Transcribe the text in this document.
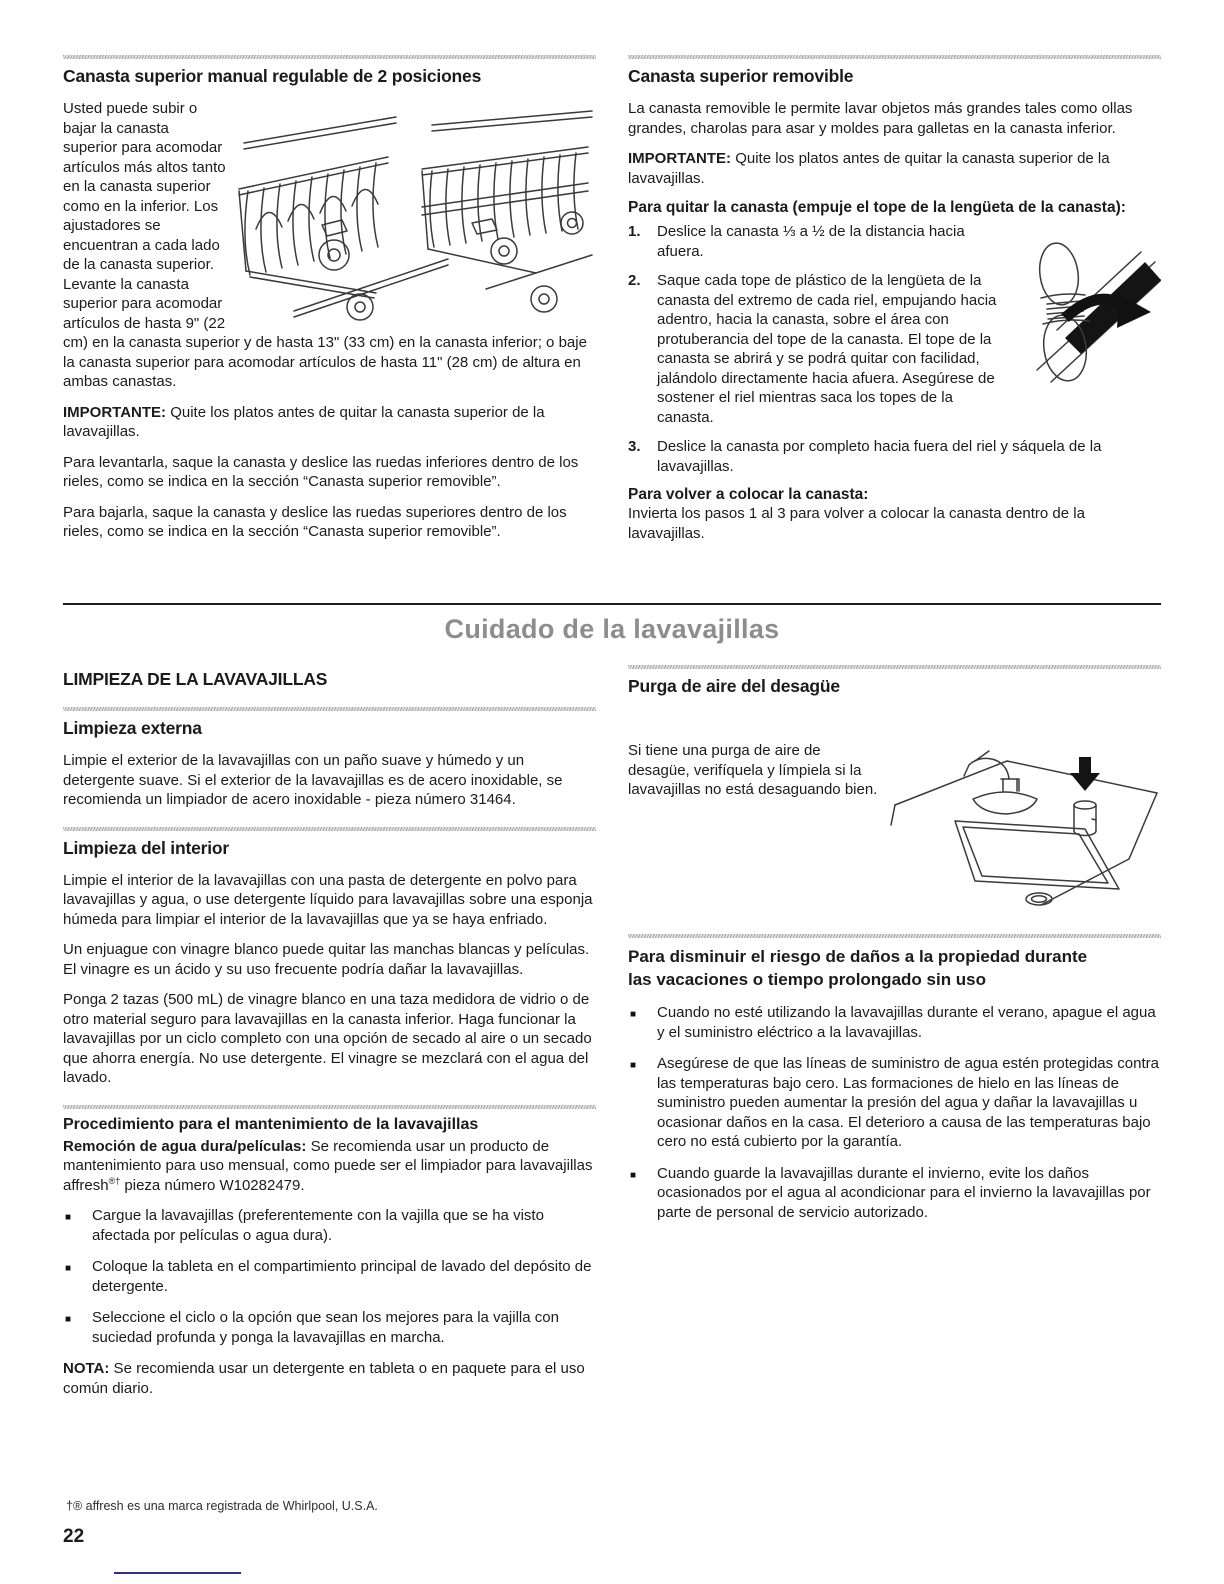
Canasta superior manual regulable de 2 posiciones

Usted puede subir o bajar la canasta superior para acomodar artículos más altos tanto en la canasta superior como en la inferior. Los ajustadores se encuentran a cada lado de la canasta superior. Levante la canasta superior para acomodar artículos de hasta 9" (22 cm) en la canasta superior y de hasta 13" (33 cm) en la canasta inferior; o baje la canasta superior para acomodar artículos de hasta 11" (28 cm) de altura en ambas canastas.

IMPORTANTE: Quite los platos antes de quitar la canasta superior de la lavavajillas.

Para levantarla, saque la canasta y deslice las ruedas inferiores dentro de los rieles, como se indica en la sección “Canasta superior removible”.

Para bajarla, saque la canasta y deslice las ruedas superiores dentro de los rieles, como se indica en la sección “Canasta superior removible”.

Canasta superior removible

La canasta removible le permite lavar objetos más grandes tales como ollas grandes, charolas para asar y moldes para galletas en la canasta inferior.

IMPORTANTE: Quite los platos antes de quitar la canasta superior de la lavavajillas.

Para quitar la canasta (empuje el tope de la lengüeta de la canasta):
1. Deslice la canasta ⅓ a ½ de la distancia hacia afuera.
2. Saque cada tope de plástico de la lengüeta de la canasta del extremo de cada riel, empujando hacia adentro, hacia la canasta, sobre el área con protuberancia del tope de la canasta. El tope de la canasta se abrirá y se podrá quitar con facilidad, jalándolo directamente hacia afuera. Asegúrese de sostener el riel mientras saca los topes de la canasta.
3. Deslice la canasta por completo hacia fuera del riel y sáquela de la lavavajillas.
Para volver a colocar la canasta:

Invierta los pasos 1 al 3 para volver a colocar la canasta dentro de la lavavajillas.

Cuidado de la lavavajillas
LIMPIEZA DE LA LAVAVAJILLAS
Limpieza externa

Limpie el exterior de la lavavajillas con un paño suave y húmedo y un detergente suave. Si el exterior de la lavavajillas es de acero inoxidable, se recomienda un limpiador de acero inoxidable - pieza número 31464.

Limpieza del interior

Limpie el interior de la lavavajillas con una pasta de detergente en polvo para lavavajillas y agua, o use detergente líquido para lavavajillas sobre una esponja húmeda para limpiar el interior de la lavavajillas que ya se haya enfriado.

Un enjuague con vinagre blanco puede quitar las manchas blancas y películas. El vinagre es un ácido y su uso frecuente podría dañar la lavavajillas.

Ponga 2 tazas (500 mL) de vinagre blanco en una taza medidora de vidrio o de otro material seguro para lavavajillas en la canasta inferior. Haga funcionar la lavavajillas por un ciclo completo con una opción de secado al aire o un secado que ahorra energía. No use detergente. El vinagre se mezclará con el agua del lavado.

Procedimiento para el mantenimiento de la lavavajillas

Remoción de agua dura/películas: Se recomienda usar un producto de mantenimiento para uso mensual, como puede ser el limpiador para lavavajillas affresh®† pieza número W10282479.

■ Cargue la lavavajillas (preferentemente con la vajilla que se ha visto afectada por películas o agua dura).
■ Coloque la tableta en el compartimiento principal de lavado del depósito de detergente.
■ Seleccione el ciclo o la opción que sean los mejores para la vajilla con suciedad profunda y ponga la lavavajillas en marcha.

NOTA: Se recomienda usar un detergente en tableta o en paquete para el uso común diario.

Purga de aire del desagüe

Si tiene una purga de aire de desagüe, verifíquela y límpiela si la lavavajillas no está desaguando bien.

Para disminuir el riesgo de daños a la propiedad durante las vacaciones o tiempo prolongado sin uso
■ Cuando no esté utilizando la lavavajillas durante el verano, apague el agua y el suministro eléctrico a la lavavajillas.
■ Asegúrese de que las líneas de suministro de agua estén protegidas contra las temperaturas bajo cero. Las formaciones de hielo en las líneas de suministro pueden aumentar la presión del agua y dañar la lavavajillas u ocasionar daños en la casa. El deterioro a causa de las temperaturas bajo cero no está cubierto por la garantía.
■ Cuando guarde la lavavajillas durante el invierno, evite los daños ocasionados por el agua al acondicionar para el invierno la lavavajillas por parte de personal de servicio autorizado.
†® affresh es una marca registrada de Whirlpool, U.S.A.
22
